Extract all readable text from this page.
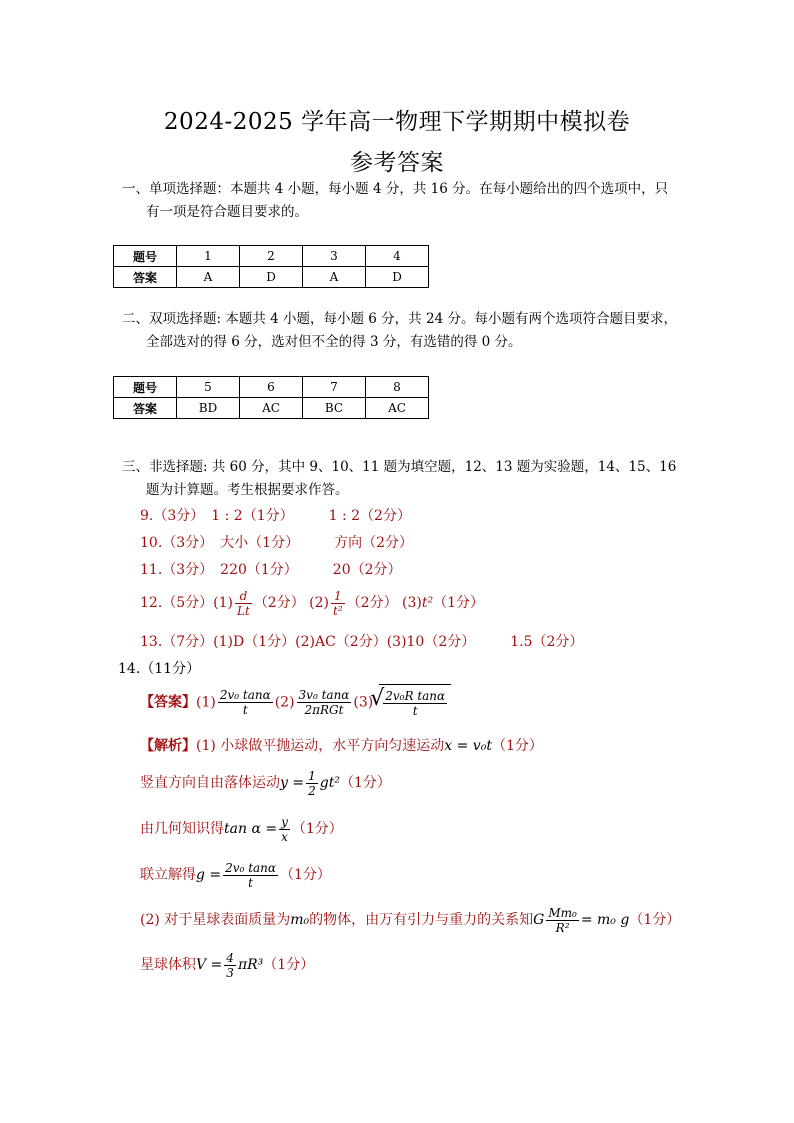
2024-2025 学年高一物理下学期期中模拟卷
参考答案
一、单项选择题：本题共 4 小题，每小题 4 分，共 16 分。在每小题给出的四个选项中，只有一项是符合题目要求的。
题号	1	2	3	4
答案	A	D	A	D
二、双项选择题: 本题共 4 小题，每小题 6 分，共 24 分。每小题有两个选项符合题目要求，全部选对的得 6 分，选对但不全的得 3 分，有选错的得 0 分。
题号	5	6	7	8
答案	BD	AC	BC	AC
三、非选择题: 共 60 分，其中 9、10、11 题为填空题，12、13 题为实验题，14、15、16 题为计算题。考生根据要求作答。
9.（3分）　1 : 2（1分）　　　1 : 2（2分）
10.（3分）　大小（1分）　　　方向（2分）
11.（3分）　220（1分）　　　20（2分）
12.（5分）$(1) \frac{d}{Lt} (2$分） $(2) \frac{1}{\text{t²}} (2$分） (3)t²（1分）
13.（7分）(1)D（1分）(2)AC（2分）(3)10（2分）　　　1.5（2分）
14.（11分）
【答案】$(1) \frac{\text{2v₀ tanα}}{t} (2) \frac{\text{3v₀ tanα}}{\text{2πRGt}} (3)$ √ $\frac{\text{2v₀R tanα}}{t}$
【解析】(1) 小球做平抛运动，水平方向匀速运动x = v₀t（1分）
竖直方向自由落体运动$y = \frac{1}{2} gt^2(1$分）
由几何知识得$\tan \alpha = \frac{y}{x} (1$分）
联立解得$g = \frac{\text{2v₀ tanα}}{t} (1$分）
(2) 对于星球表面质量为m₀的物体，由万有引力与重力的关系知G $\frac{\text{Mm₀}}{\text{R²}} = m_0$ g（1分）
星球体积$V = \frac{4}{3} \pi R^3(1$分）
